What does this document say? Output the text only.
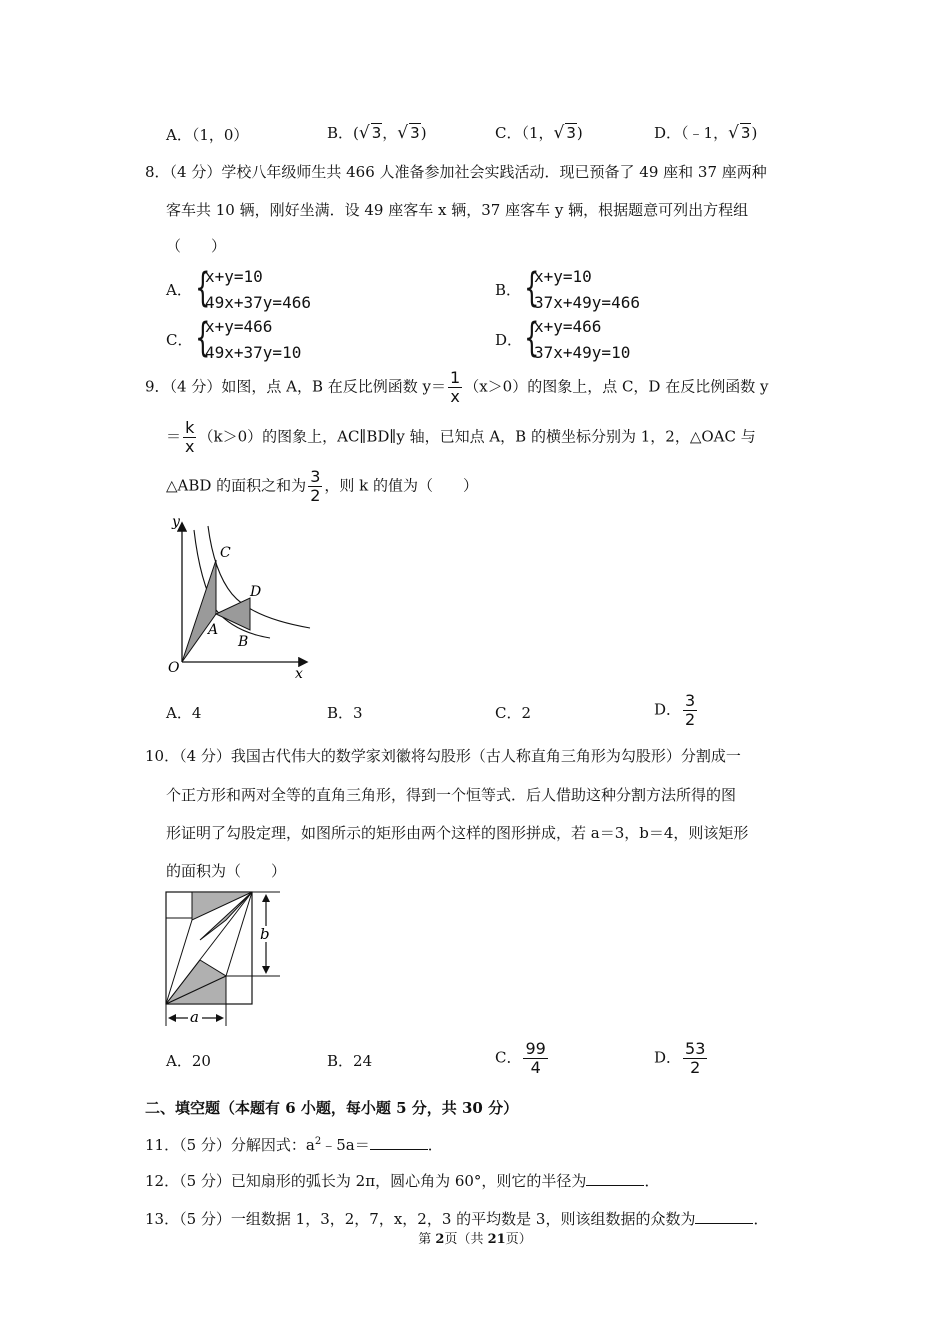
A．（1，0）	B．(√ 3，√ 3)	C．（1，√ 3)	D．（﹣1，√ 3)
8．（4 分）学校八年级师生共 466 人准备参加社会实践活动．现已预备了 49 座和 37 座两种
客车共 10 辆，刚好坐满．设 49 座客车 x 辆，37 座客车 y 辆，根据题意可列出方程组
（　　）
A． {
x+y=10
49x+37y=466
B． {
x+y=10
37x+49y=466
C． {
x+y=466
49x+37y=10
D． {
x+y=466
37x+49y=10
9．（4 分）如图，点 A，B 在反比例函数 $y= \frac{1}{x} (x>0)$的图象上，点 C，D 在反比例函数 y
＝ $\frac{k}{x} (k>0)$的图象上，AC∥BD∥y 轴，已知点 A，B 的横坐标分别为 1，2，△OAC 与
△ABD 的面积之和为 $\frac{3}{2}$ ，则 k 的值为（　　）
y
x
O
C
D
A
B
A．4	B．3	C．2	D． $\frac{3}{2}$
10．（4 分）我国古代伟大的数学家刘徽将勾股形（古人称直角三角形为勾股形）分割成一
个正方形和两对全等的直角三角形，得到一个恒等式．后人借助这种分割方法所得的图
形证明了勾股定理，如图所示的矩形由两个这样的图形拼成，若 a＝3，b＝4，则该矩形
的面积为（　　）
a
b
A．20	B．24	C． $\frac{99}{4}$	D． $\frac{53}{2}$
二、填空题（本题有 6 小题，每小题 5 分，共 30 分）
11．（5 分）分解因式：$a^2﹣5a=$	．
12．（5 分）已知扇形的弧长为 2π，圆心角为 60°，则它的半径为	．
13．（5 分）一组数据 1，3，2，7，x，2，3 的平均数是 3，则该组数据的众数为	．
第 2页（共 21页）
